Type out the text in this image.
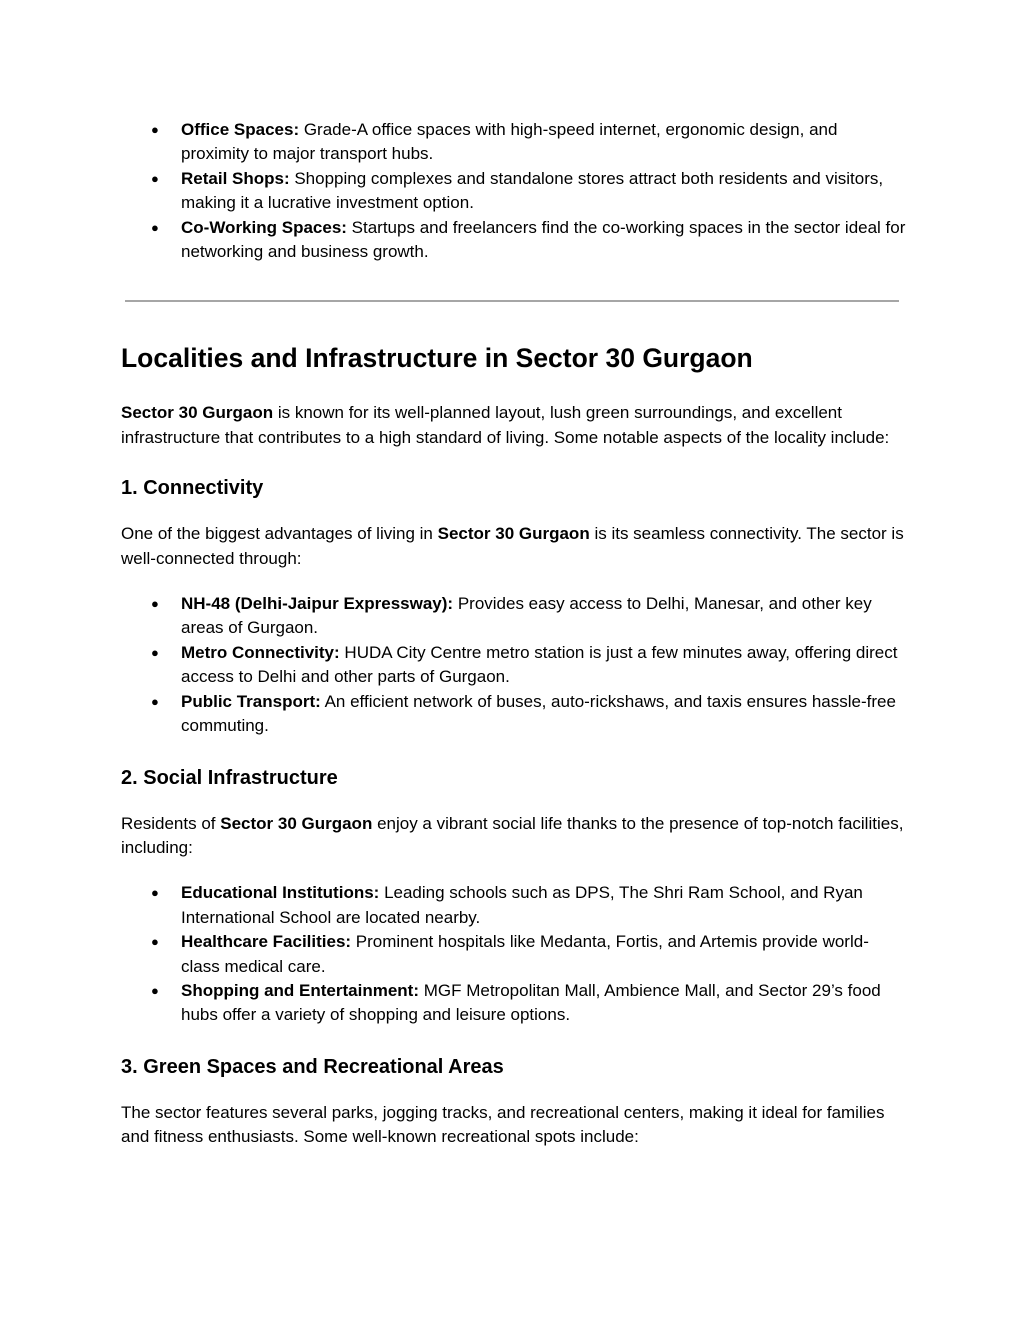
● Office Spaces: Grade-A office spaces with high-speed internet, ergonomic design, and proximity to major transport hubs.
● Retail Shops: Shopping complexes and standalone stores attract both residents and visitors, making it a lucrative investment option.
● Co-Working Spaces: Startups and freelancers find the co-working spaces in the sector ideal for networking and business growth.
Localities and Infrastructure in Sector 30 Gurgaon

Sector 30 Gurgaon is known for its well-planned layout, lush green surroundings, and excellent infrastructure that contributes to a high standard of living. Some notable aspects of the locality include:

1. Connectivity

One of the biggest advantages of living in Sector 30 Gurgaon is its seamless connectivity. The sector is well-connected through:

● NH-48 (Delhi-Jaipur Expressway): Provides easy access to Delhi, Manesar, and other key areas of Gurgaon.
● Metro Connectivity: HUDA City Centre metro station is just a few minutes away, offering direct access to Delhi and other parts of Gurgaon.
● Public Transport: An efficient network of buses, auto-rickshaws, and taxis ensures hassle-free commuting.
2. Social Infrastructure

Residents of Sector 30 Gurgaon enjoy a vibrant social life thanks to the presence of top-notch facilities, including:

● Educational Institutions: Leading schools such as DPS, The Shri Ram School, and Ryan International School are located nearby.
● Healthcare Facilities: Prominent hospitals like Medanta, Fortis, and Artemis provide world-class medical care.
● Shopping and Entertainment: MGF Metropolitan Mall, Ambience Mall, and Sector 29’s food hubs offer a variety of shopping and leisure options.
3. Green Spaces and Recreational Areas

The sector features several parks, jogging tracks, and recreational centers, making it ideal for families and fitness enthusiasts. Some well-known recreational spots include:
